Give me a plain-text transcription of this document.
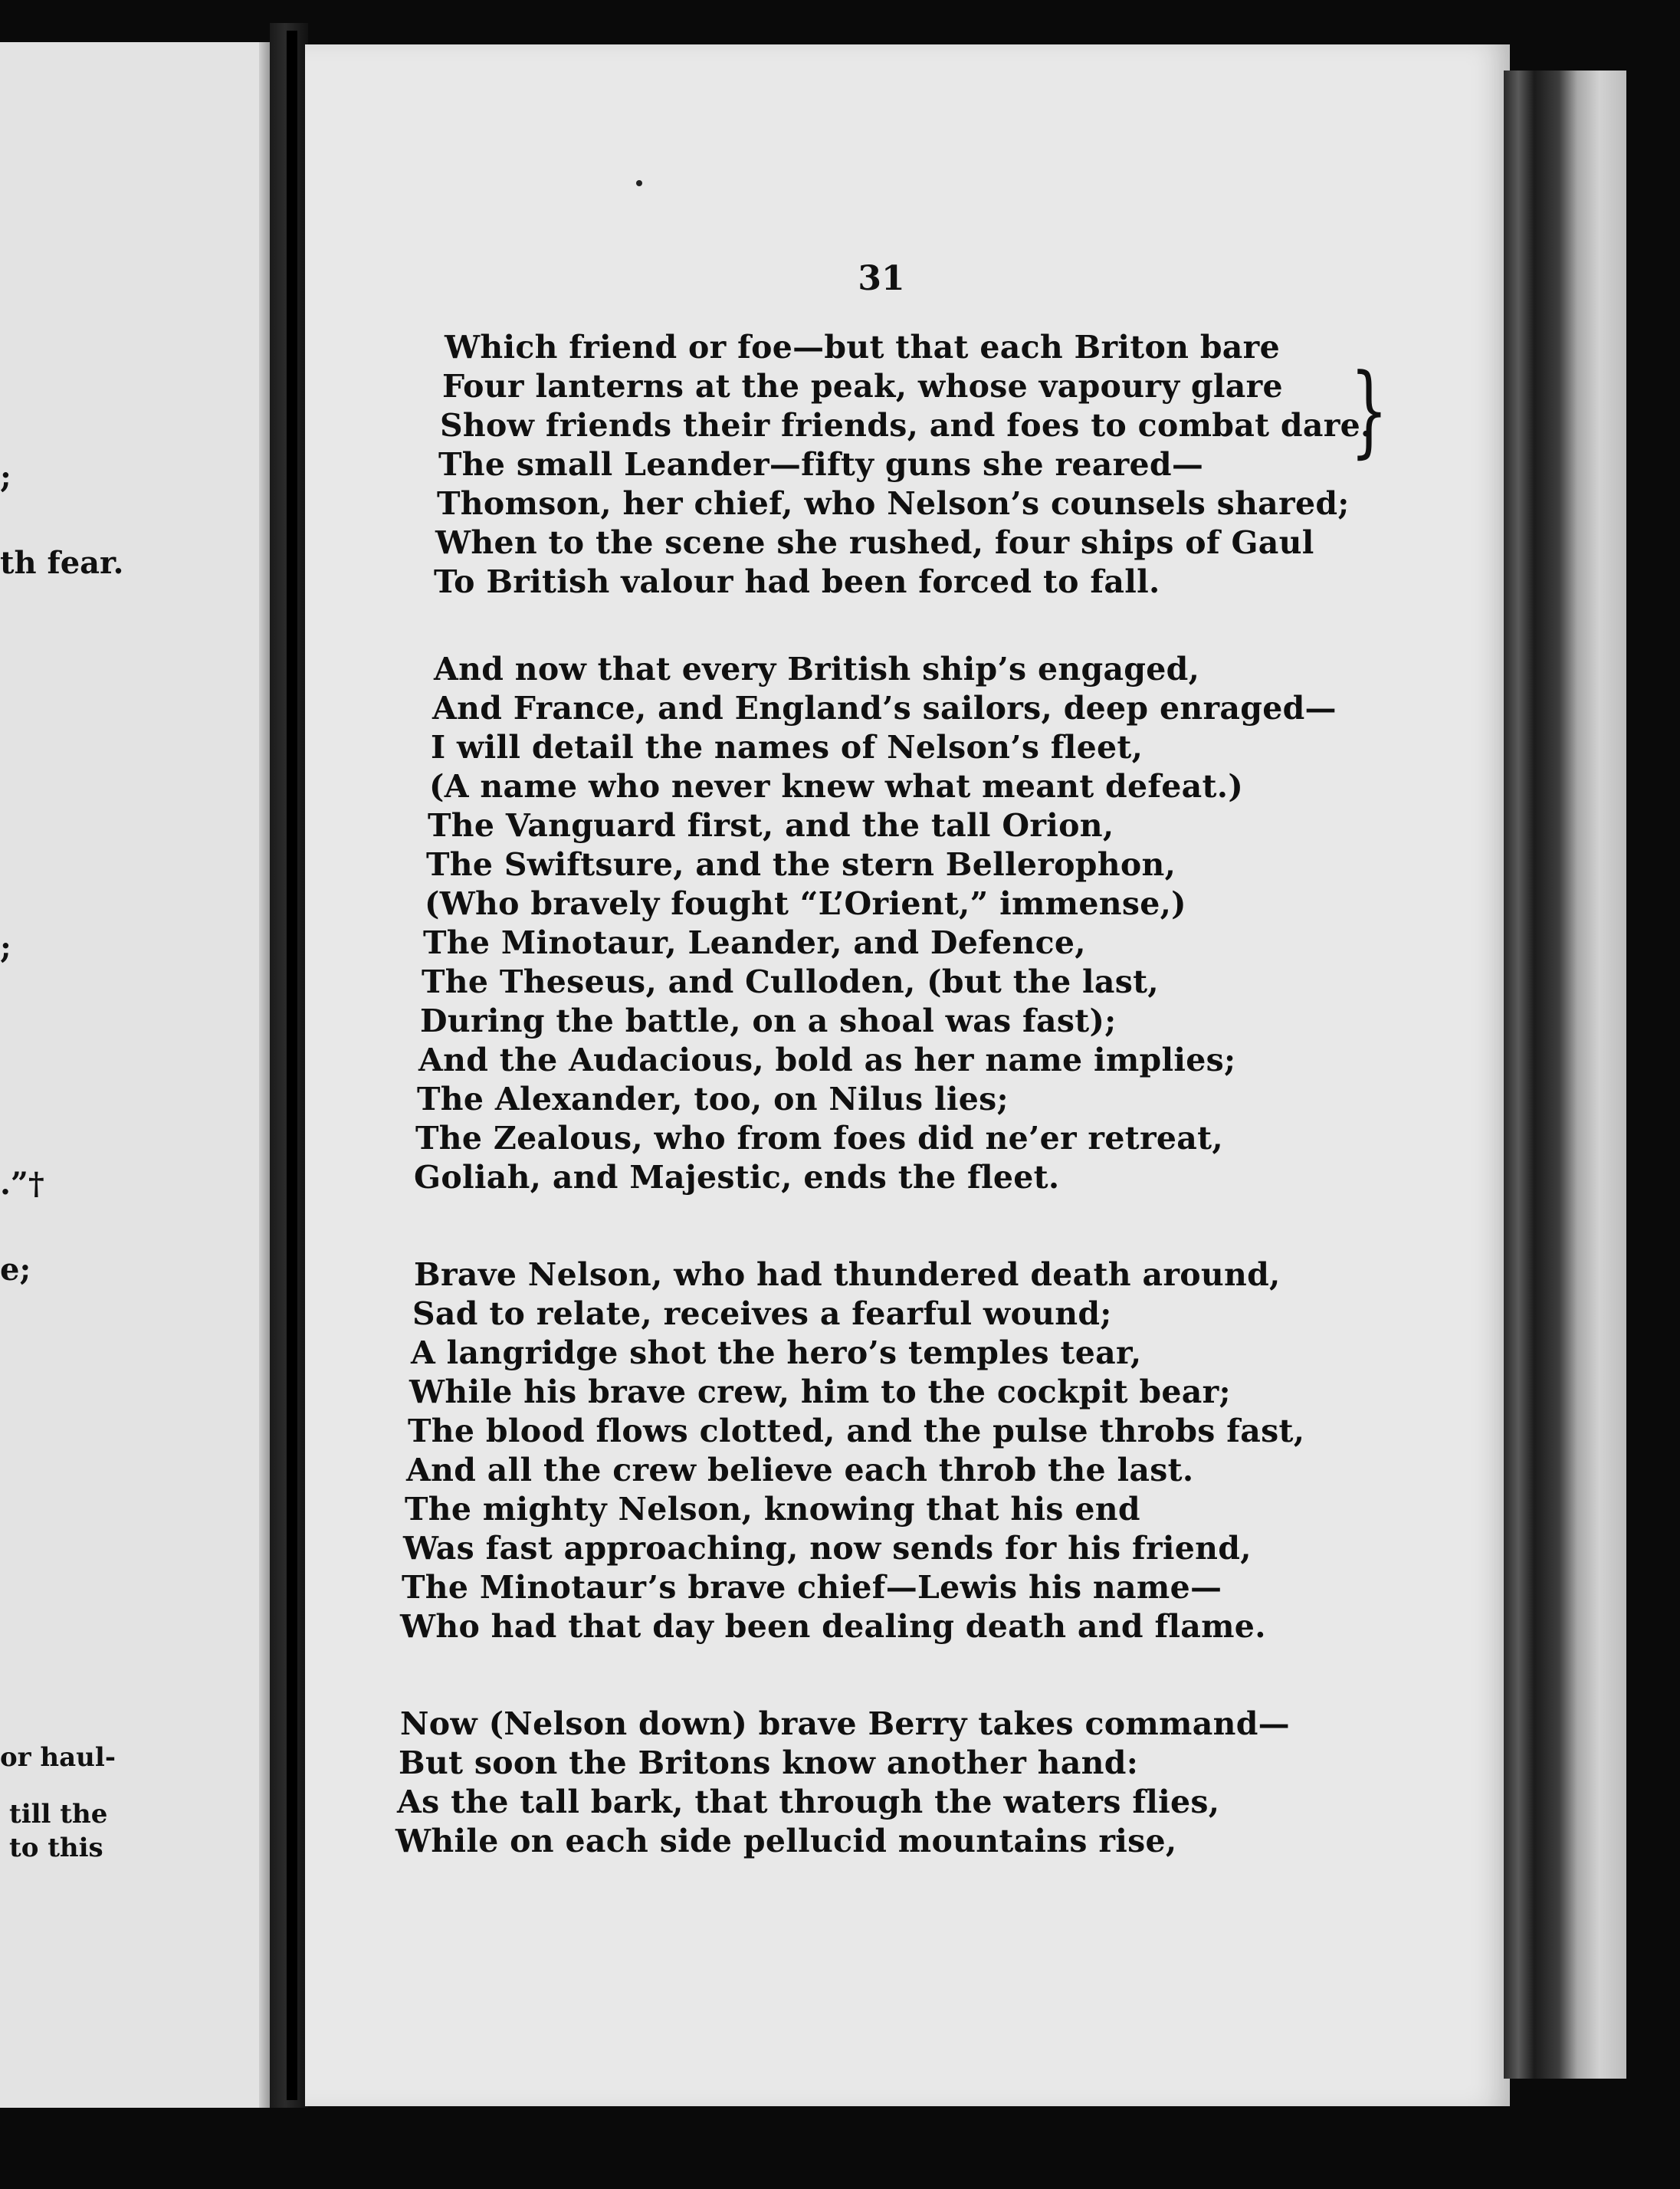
;
th fear.
;
.”†
e;
or haul-
till the
to this
31
}
Which friend or foe—but that each Briton bare
Four lanterns at the peak, whose vapoury glare
Show friends their friends, and foes to combat dare.
The small Leander—fifty guns she reared—
Thomson, her chief, who Nelson’s counsels shared;
When to the scene she rushed, four ships of Gaul
To British valour had been forced to fall.
And now that every British ship’s engaged,
And France, and England’s sailors, deep enraged—
I will detail the names of Nelson’s fleet,
(A name who never knew what meant defeat.)
The Vanguard first, and the tall Orion,
The Swiftsure, and the stern Bellerophon,
(Who bravely fought “L’Orient,” immense,)
The Minotaur, Leander, and Defence,
The Theseus, and Culloden, (but the last,
During the battle, on a shoal was fast);
And the Audacious, bold as her name implies;
The Alexander, too, on Nilus lies;
The Zealous, who from foes did ne’er retreat,
Goliah, and Majestic, ends the fleet.
Brave Nelson, who had thundered death around,
Sad to relate, receives a fearful wound;
A langridge shot the hero’s temples tear,
While his brave crew, him to the cockpit bear;
The blood flows clotted, and the pulse throbs fast,
And all the crew believe each throb the last.
The mighty Nelson, knowing that his end
Was fast approaching, now sends for his friend,
The Minotaur’s brave chief—Lewis his name—
Who had that day been dealing death and flame.
Now (Nelson down) brave Berry takes command—
But soon the Britons know another hand:
As the tall bark, that through the waters flies,
While on each side pellucid mountains rise,
